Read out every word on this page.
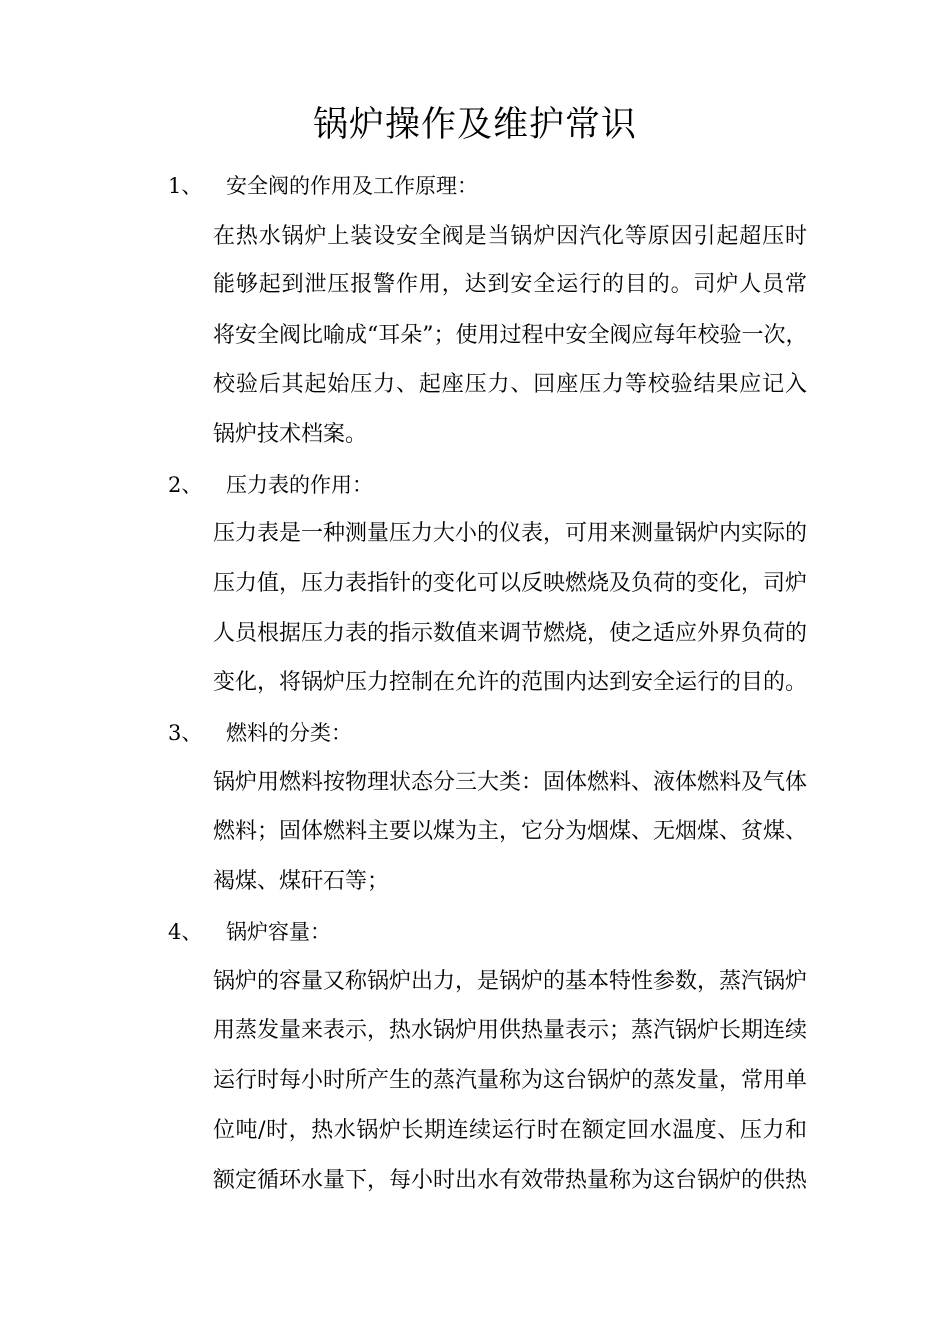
锅炉操作及维护常识
1、 安全阀的作用及工作原理：
在热水锅炉上装设安全阀是当锅炉因汽化等原因引起超压时
能够起到泄压报警作用，达到安全运行的目的。司炉人员常
将安全阀比喻成“耳朵”；使用过程中安全阀应每年校验一次，
校验后其起始压力、起座压力、回座压力等校验结果应记入
锅炉技术档案。
2、 压力表的作用：
压力表是一种测量压力大小的仪表，可用来测量锅炉内实际的
压力值，压力表指针的变化可以反映燃烧及负荷的变化，司炉
人员根据压力表的指示数值来调节燃烧，使之适应外界负荷的
变化，将锅炉压力控制在允许的范围内达到安全运行的目的。
3、 燃料的分类：
锅炉用燃料按物理状态分三大类：固体燃料、液体燃料及气体
燃料；固体燃料主要以煤为主，它分为烟煤、无烟煤、贫煤、
褐煤、煤矸石等；
4、 锅炉容量：
锅炉的容量又称锅炉出力，是锅炉的基本特性参数，蒸汽锅炉
用蒸发量来表示，热水锅炉用供热量表示；蒸汽锅炉长期连续
运行时每小时所产生的蒸汽量称为这台锅炉的蒸发量，常用单
位吨/时，热水锅炉长期连续运行时在额定回水温度、压力和
额定循环水量下，每小时出水有效带热量称为这台锅炉的供热
